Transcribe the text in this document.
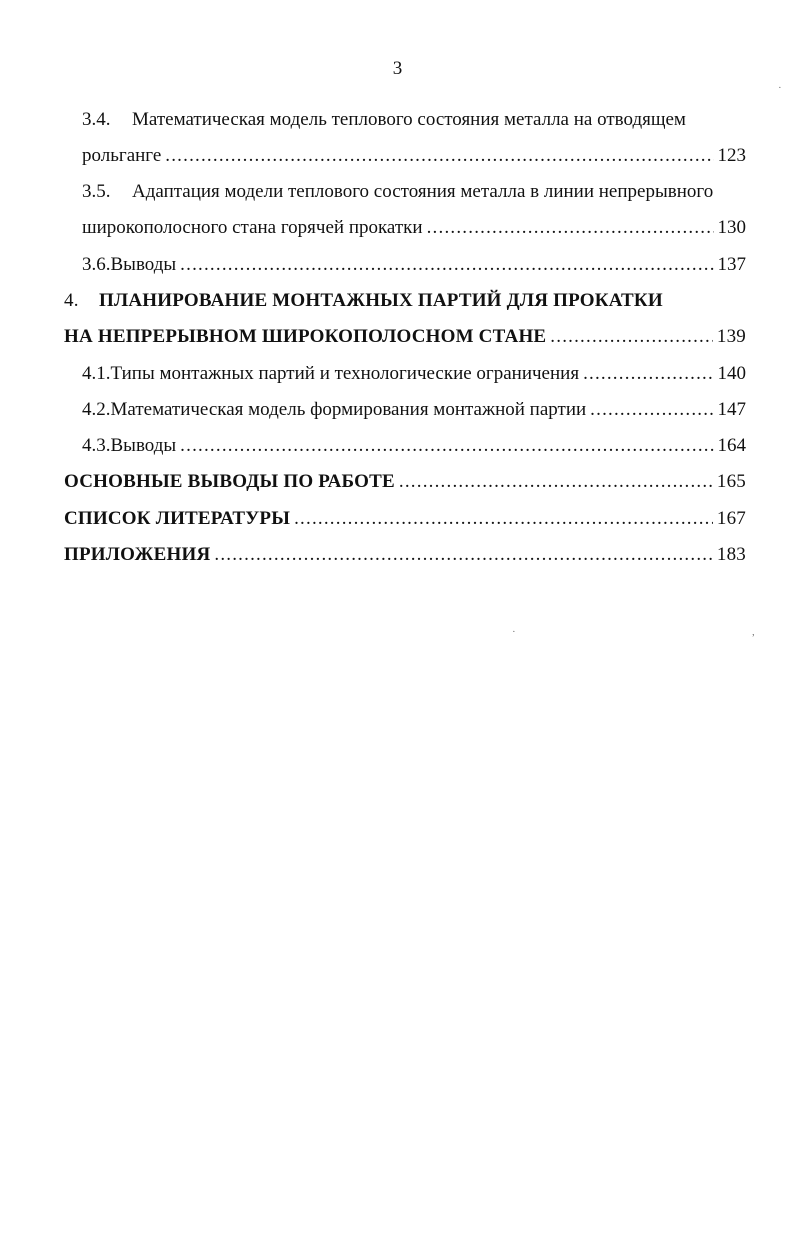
3
3.4.	Математическая модель теплового состояния металла на отводящем
рольганге .....	123
3.5.	Адаптация модели теплового состояния металла в линии непрерывного
широкополосного стана горячей прокатки .....	130
3.6. Выводы .....	137
4.	ПЛАНИРОВАНИЕ МОНТАЖНЫХ ПАРТИЙ ДЛЯ ПРОКАТКИ
НА НЕПРЕРЫВНОМ ШИРОКОПОЛОСНОМ СТАНЕ .....	139
4.1. Типы монтажных партий и технологические ограничения .....	140
4.2. Математическая модель формирования монтажной партии .....	147
4.3. Выводы .....	164
ОСНОВНЫЕ ВЫВОДЫ ПО РАБОТЕ .....	165
СПИСОК ЛИТЕРАТУРЫ .....	167
ПРИЛОЖЕНИЯ .....	183
·
·	,
